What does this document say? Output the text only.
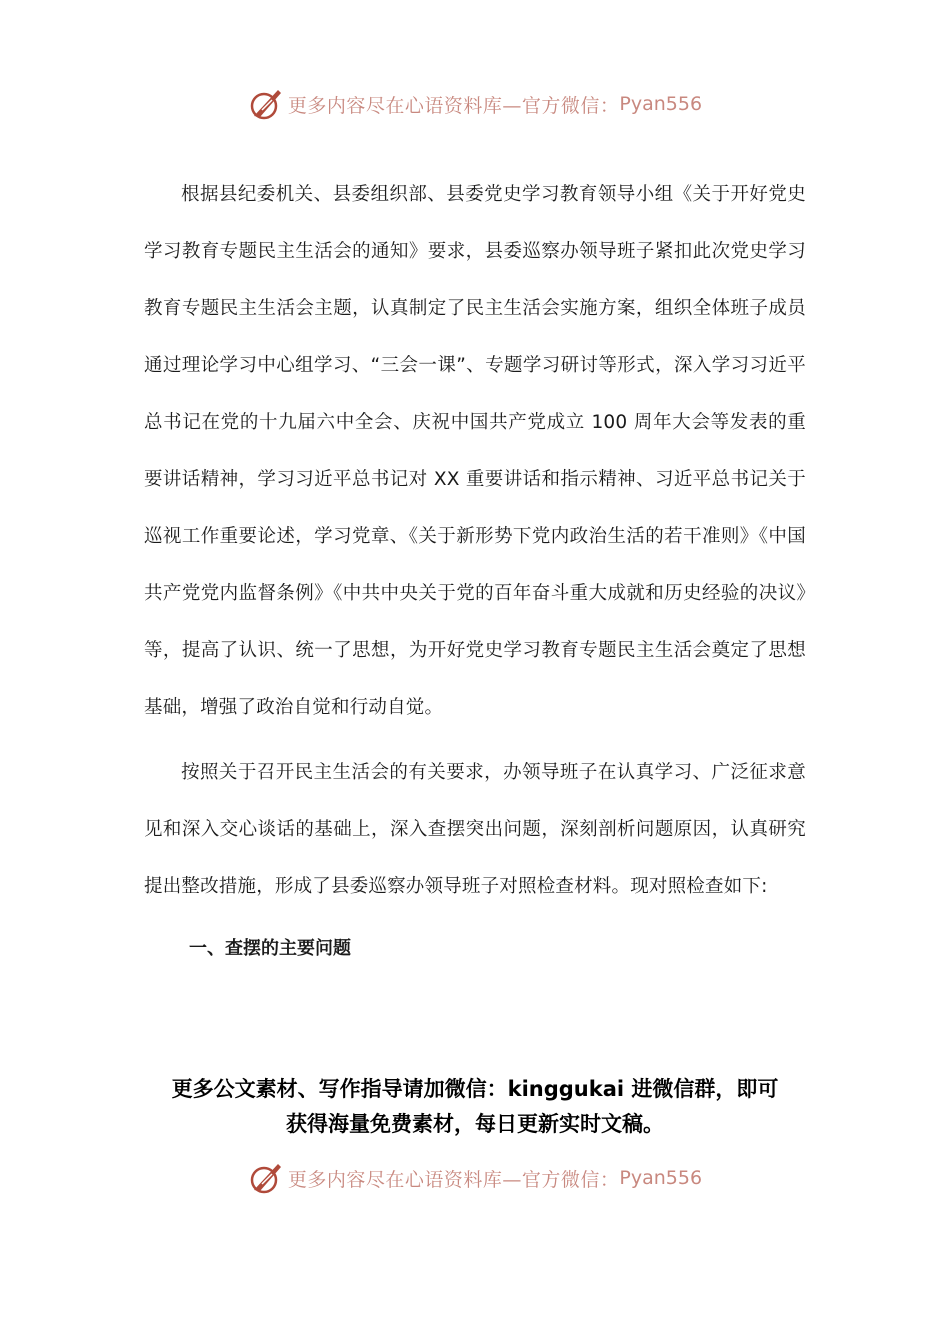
更多内容尽在心语资料库—官方微信： Pyan556

根据县纪委机关、县委组织部、县委党史学习教育领导小组《关于开好党史学习教育专题民主生活会的通知》要求，县委巡察办领导班子紧扣此次党史学习教育专题民主生活会主题，认真制定了民主生活会实施方案，组织全体班子成员通过理论学习中心组学习、“三会一课”、专题学习研讨等形式，深入学习习近平总书记在党的十九届六中全会、庆祝中国共产党成立 100 周年大会等发表的重要讲话精神，学习习近平总书记对 XX 重要讲话和指示精神、习近平总书记关于巡视工作重要论述，学习党章、《关于新形势下党内政治生活的若干准则》《中国共产党党内监督条例》《中共中央关于党的百年奋斗重大成就和历史经验的决议》等，提高了认识、统一了思想，为开好党史学习教育专题民主生活会奠定了思想基础，增强了政治自觉和行动自觉。

按照关于召开民主生活会的有关要求，办领导班子在认真学习、广泛征求意见和深入交心谈话的基础上，深入查摆突出问题，深刻剖析问题原因，认真研究提出整改措施，形成了县委巡察办领导班子对照检查材料。现对照检查如下:

一、查摆的主要问题

更多公文素材、写作指导请加微信：kinggukai 进微信群，即可
获得海量免费素材，每日更新实时文稿。
更多内容尽在心语资料库—官方微信： Pyan556
